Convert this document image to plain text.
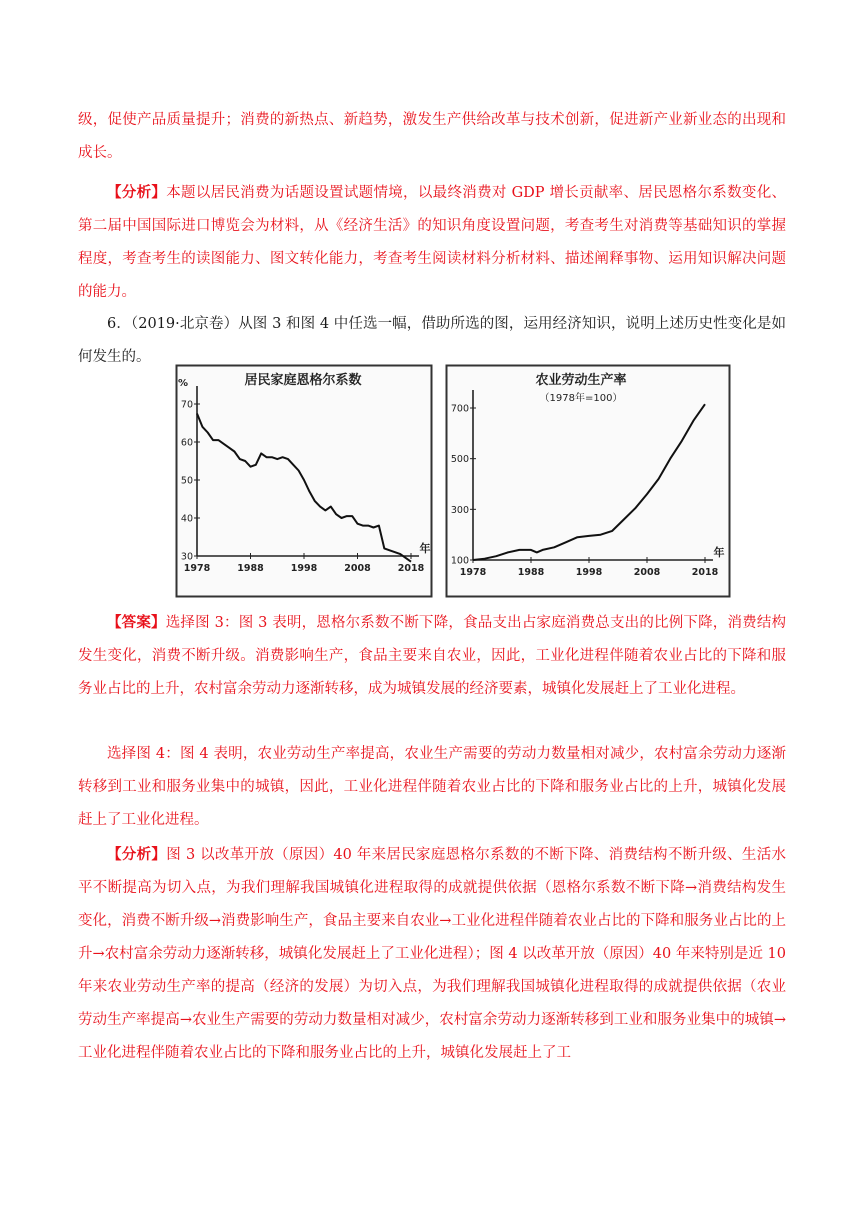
级，促使产品质量提升；消费的新热点、新趋势，激发生产供给改革与技术创新，促进新产业新业态的出现和成长。

【分析】本题以居民消费为话题设置试题情境，以最终消费对 GDP 增长贡献率、居民恩格尔系数变化、第二届中国国际进口博览会为材料，从《经济生活》的知识角度设置问题，考查考生对消费等基础知识的掌握程度，考查考生的读图能力、图文转化能力，考查考生阅读材料分析材料、描述阐释事物、运用知识解决问题的能力。

6．（2019·北京卷）从图 3 和图 4 中任选一幅，借助所选的图，运用经济知识，说明上述历史性变化是如何发生的。

居民家庭恩格尔系数
%
年
30
40
50
60
70
1978	1988	1998	2008	2018
农业劳动生产率
（1978年=100）
年
100
300
500
700
1978	1988	1998	2008	2018

【答案】选择图 3：图 3 表明，恩格尔系数不断下降，食品支出占家庭消费总支出的比例下降，消费结构发生变化，消费不断升级。消费影响生产，食品主要来自农业，因此，工业化进程伴随着农业占比的下降和服务业占比的上升，农村富余劳动力逐渐转移，成为城镇发展的经济要素，城镇化发展赶上了工业化进程。

选择图 4：图 4 表明，农业劳动生产率提高，农业生产需要的劳动力数量相对减少，农村富余劳动力逐渐转移到工业和服务业集中的城镇，因此，工业化进程伴随着农业占比的下降和服务业占比的上升，城镇化发展赶上了工业化进程。

【分析】图 3 以改革开放（原因）40 年来居民家庭恩格尔系数的不断下降、消费结构不断升级、生活水平不断提高为切入点，为我们理解我国城镇化进程取得的成就提供依据（恩格尔系数不断下降→消费结构发生变化，消费不断升级→消费影响生产，食品主要来自农业→工业化进程伴随着农业占比的下降和服务业占比的上升→农村富余劳动力逐渐转移，城镇化发展赶上了工业化进程）；图 4 以改革开放（原因）40 年来特别是近 10 年来农业劳动生产率的提高（经济的发展）为切入点，为我们理解我国城镇化进程取得的成就提供依据（农业劳动生产率提高→农业生产需要的劳动力数量相对减少，农村富余劳动力逐渐转移到工业和服务业集中的城镇→工业化进程伴随着农业占比的下降和服务业占比的上升，城镇化发展赶上了工
